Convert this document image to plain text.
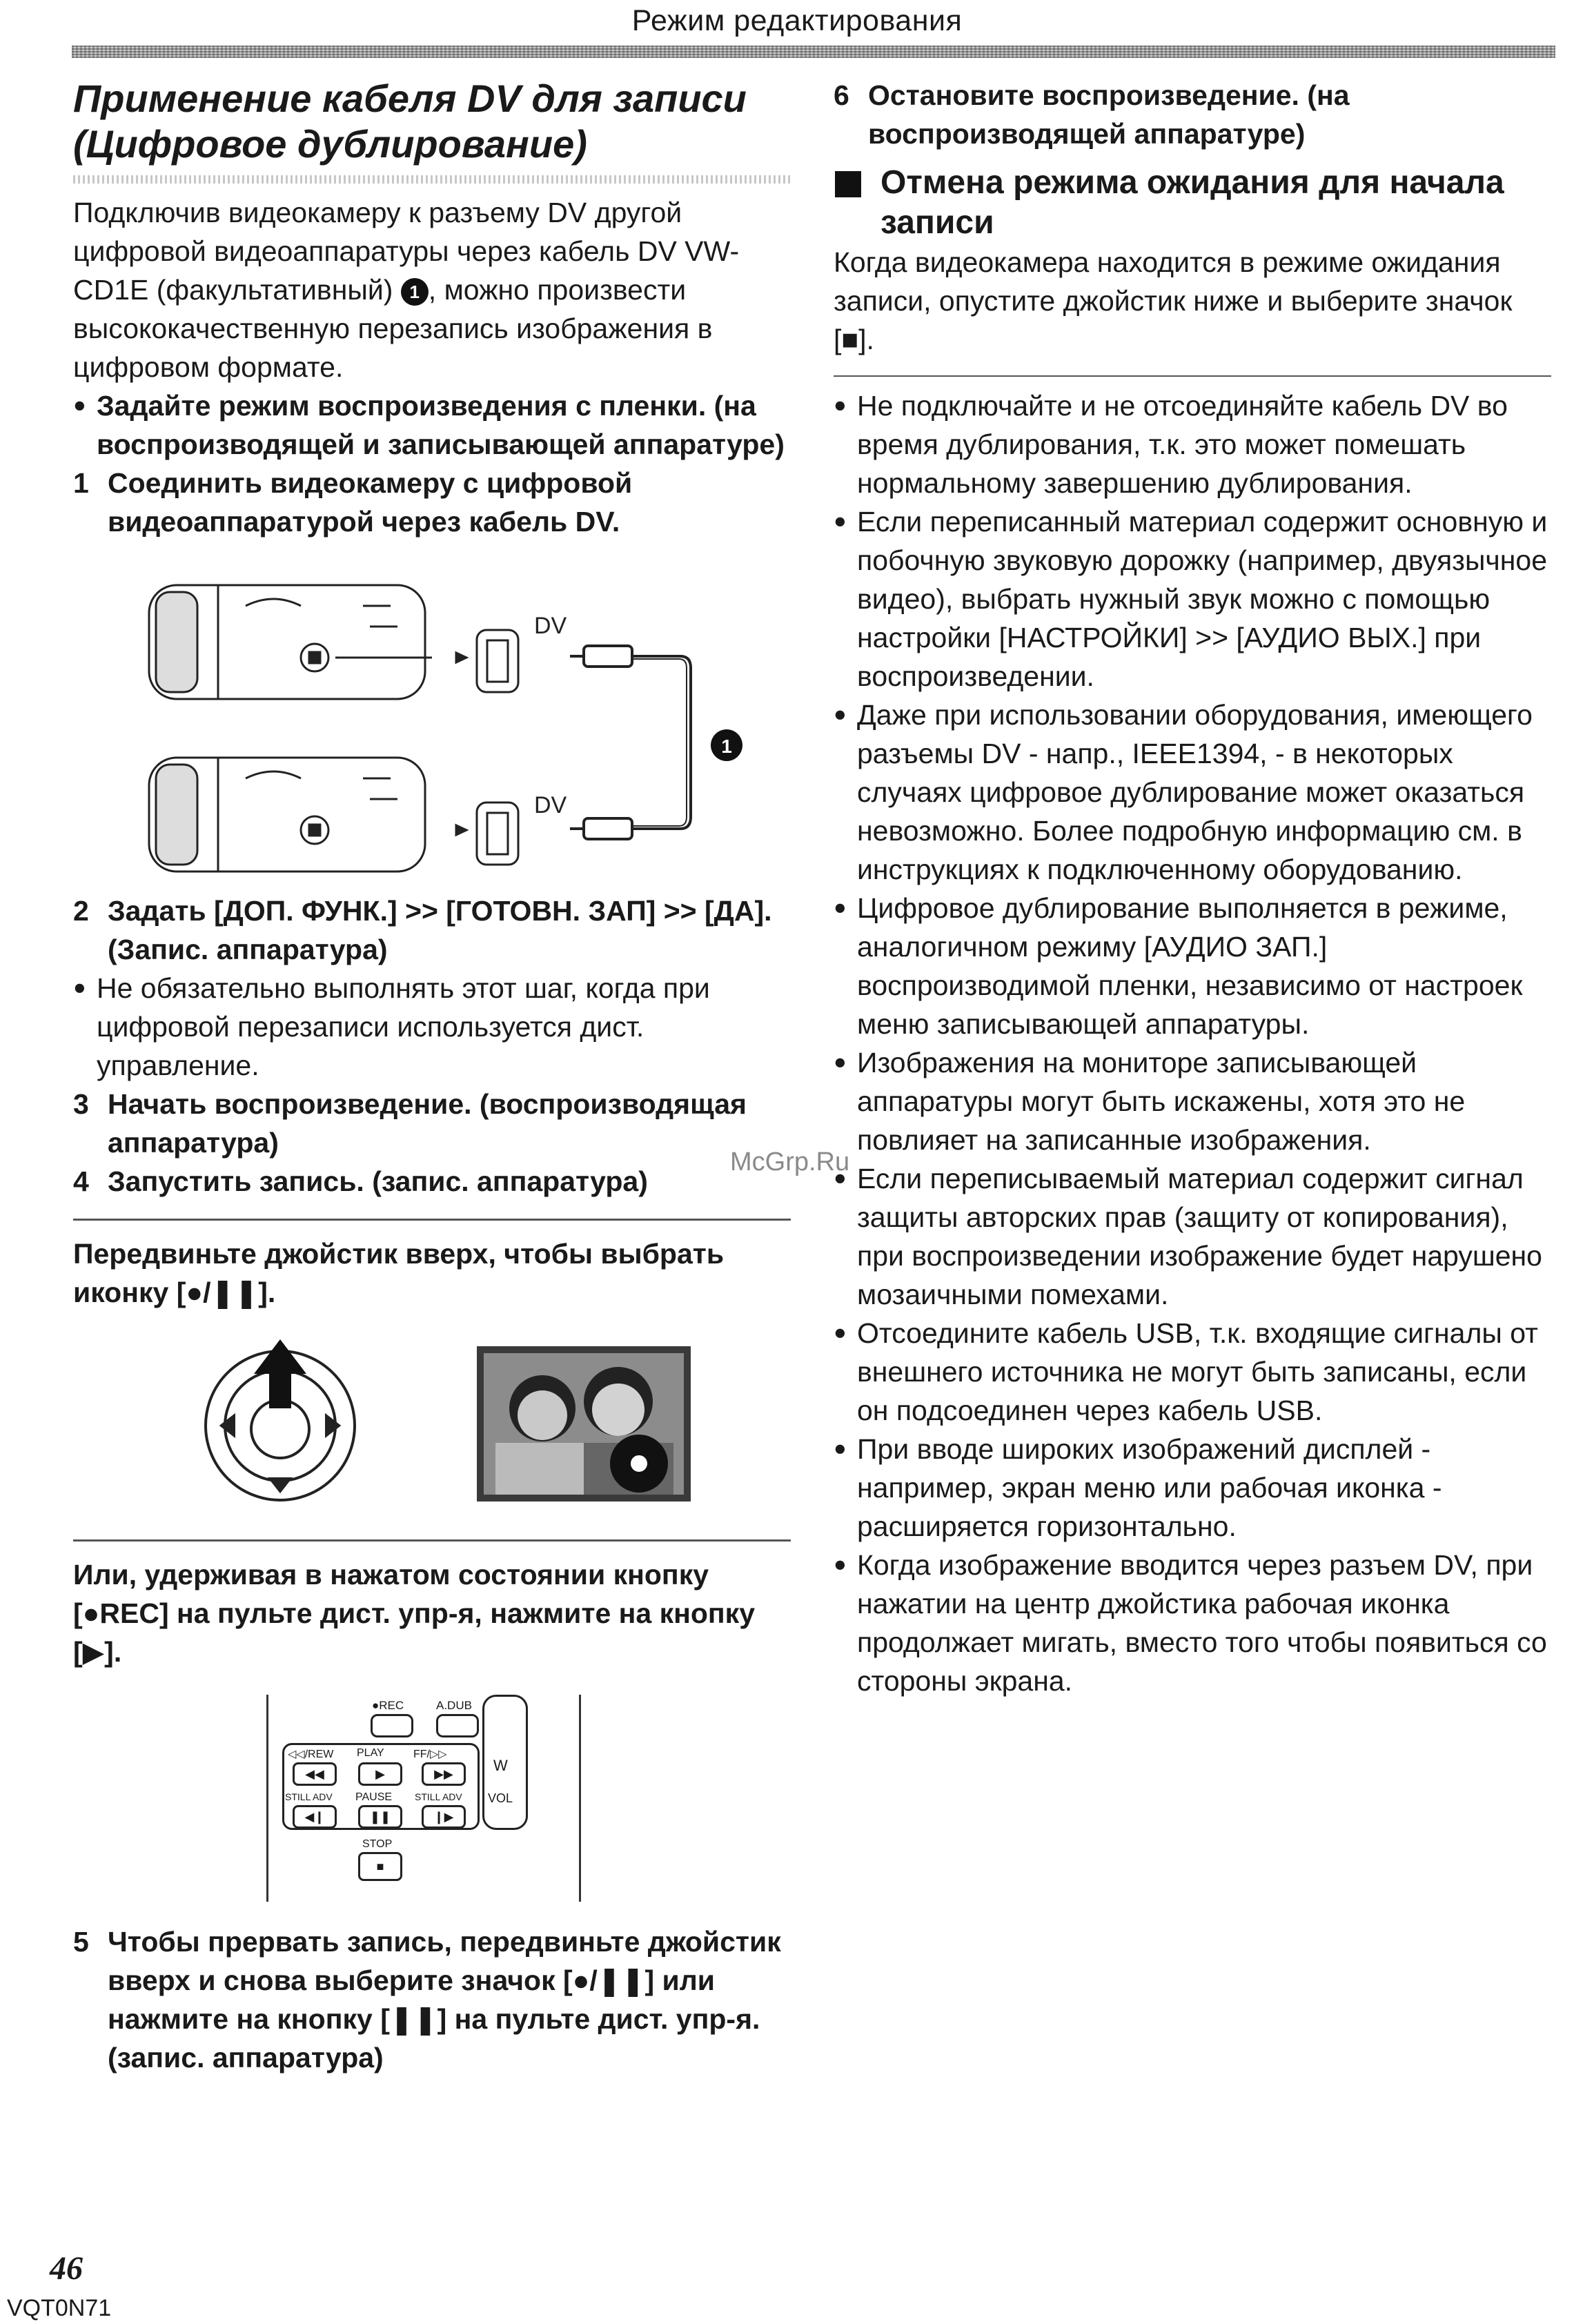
Режим редактирования
Применение кабеля DV для записи
(Цифровое дублирование)

Подключив видеокамеру к разъему DV другой цифровой видеоаппаратуры через кабель DV VW-CD1E (факультативный) 1 , можно произвести высококачественную перезапись изображения в цифровом формате.

● Задайте режим воспроизведения с пленки. (на воспроизводящей и записывающей аппаратуре)

1 Соединить видеокамеру с цифровой видеоаппаратурой через кабель DV.

DV
DV
1

2 Задать [ДОП. ФУНК.] >> [ГОТОВН. ЗАП] >> [ДА]. (Запис. аппаратура)

● Не обязательно выполнять этот шаг, когда при цифровой перезаписи используется дист. управление.

3 Начать воспроизведение. (воспроизводящая аппаратура)

4 Запустить запись. (запис. аппаратура)

Передвиньте джойстик вверх, чтобы выбрать иконку [●/❚❚].

Или, удерживая в нажатом состоянии кнопку [●REC] на пульте дист. упр-я, нажмите на кнопку [▶].

●REC	A.DUB
W
VOL
◁◁/REW PLAY	FF/▷▷
◀◀	▶	▶▶
STILL ADV PAUSE STILL ADV
◀❙	❚❚	❙▶
STOP
■

5 Чтобы прервать запись, передвиньте джойстик вверх и снова выберите значок [●/❚❚] или нажмите на кнопку [❚❚] на пульте дист. упр-я. (запис. аппаратура)

6 Остановите воспроизведение. (на воспроизводящей аппаратуре)

Отмена режима ожидания для начала записи

Когда видеокамера находится в режиме ожидания записи, опустите джойстик ниже и выберите значок [■].

● Не подключайте и не отсоединяйте кабель DV во время дублирования, т.к. это может помешать нормальному завершению дублирования.

● Если переписанный материал содержит основную и побочную звуковую дорожку (например, двуязычное видео), выбрать нужный звук можно с помощью настройки [НАСТРОЙКИ] >> [АУДИО ВЫХ.] при воспроизведении.

● Даже при использовании оборудования, имеющего разъемы DV - напр., IEEE1394, - в некоторых случаях цифровое дублирование может оказаться невозможно. Более подробную информацию см. в инструкциях к подключенному оборудованию.

● Цифровое дублирование выполняется в режиме, аналогичном режиму [АУДИО ЗАП.] воспроизводимой пленки, независимо от настроек меню записывающей аппаратуры.

● Изображения на мониторе записывающей аппаратуры могут быть искажены, хотя это не повлияет на записанные изображения.

● Если переписываемый материал содержит сигнал защиты авторских прав (защиту от копирования), при воспроизведении изображение будет нарушено мозаичными помехами.

● Отсоедините кабель USB, т.к. входящие сигналы от внешнего источника не могут быть записаны, если он подсоединен через кабель USB.

● При вводе широких изображений дисплей - например, экран меню или рабочая иконка - расширяется горизонтально.

● Когда изображение вводится через разъем DV, при нажатии на центр джойстика рабочая иконка продолжает мигать, вместо того чтобы появиться со стороны экрана.

McGrp.Ru
46
VQT0N71
